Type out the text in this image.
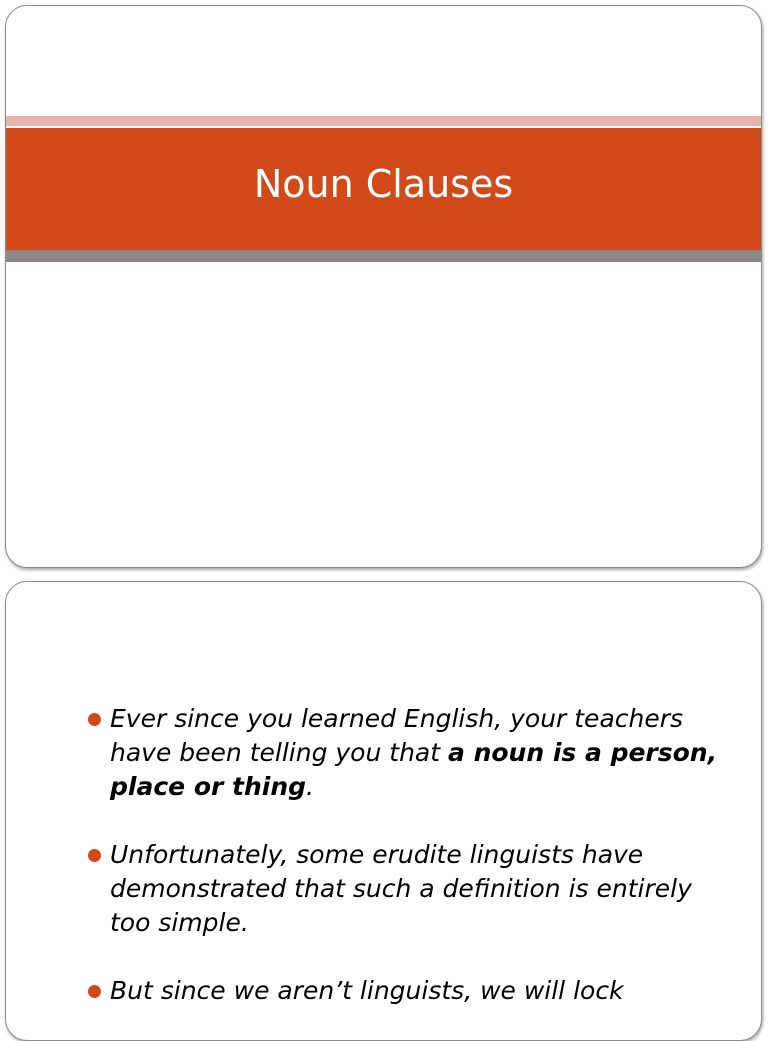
Noun Clauses
Ever since you learned English, your teachers have been telling you that a noun is a person, place or thing.
Unfortunately, some erudite linguists have demonstrated that such a definition is entirely too simple.
But since we aren’t linguists, we will lock
